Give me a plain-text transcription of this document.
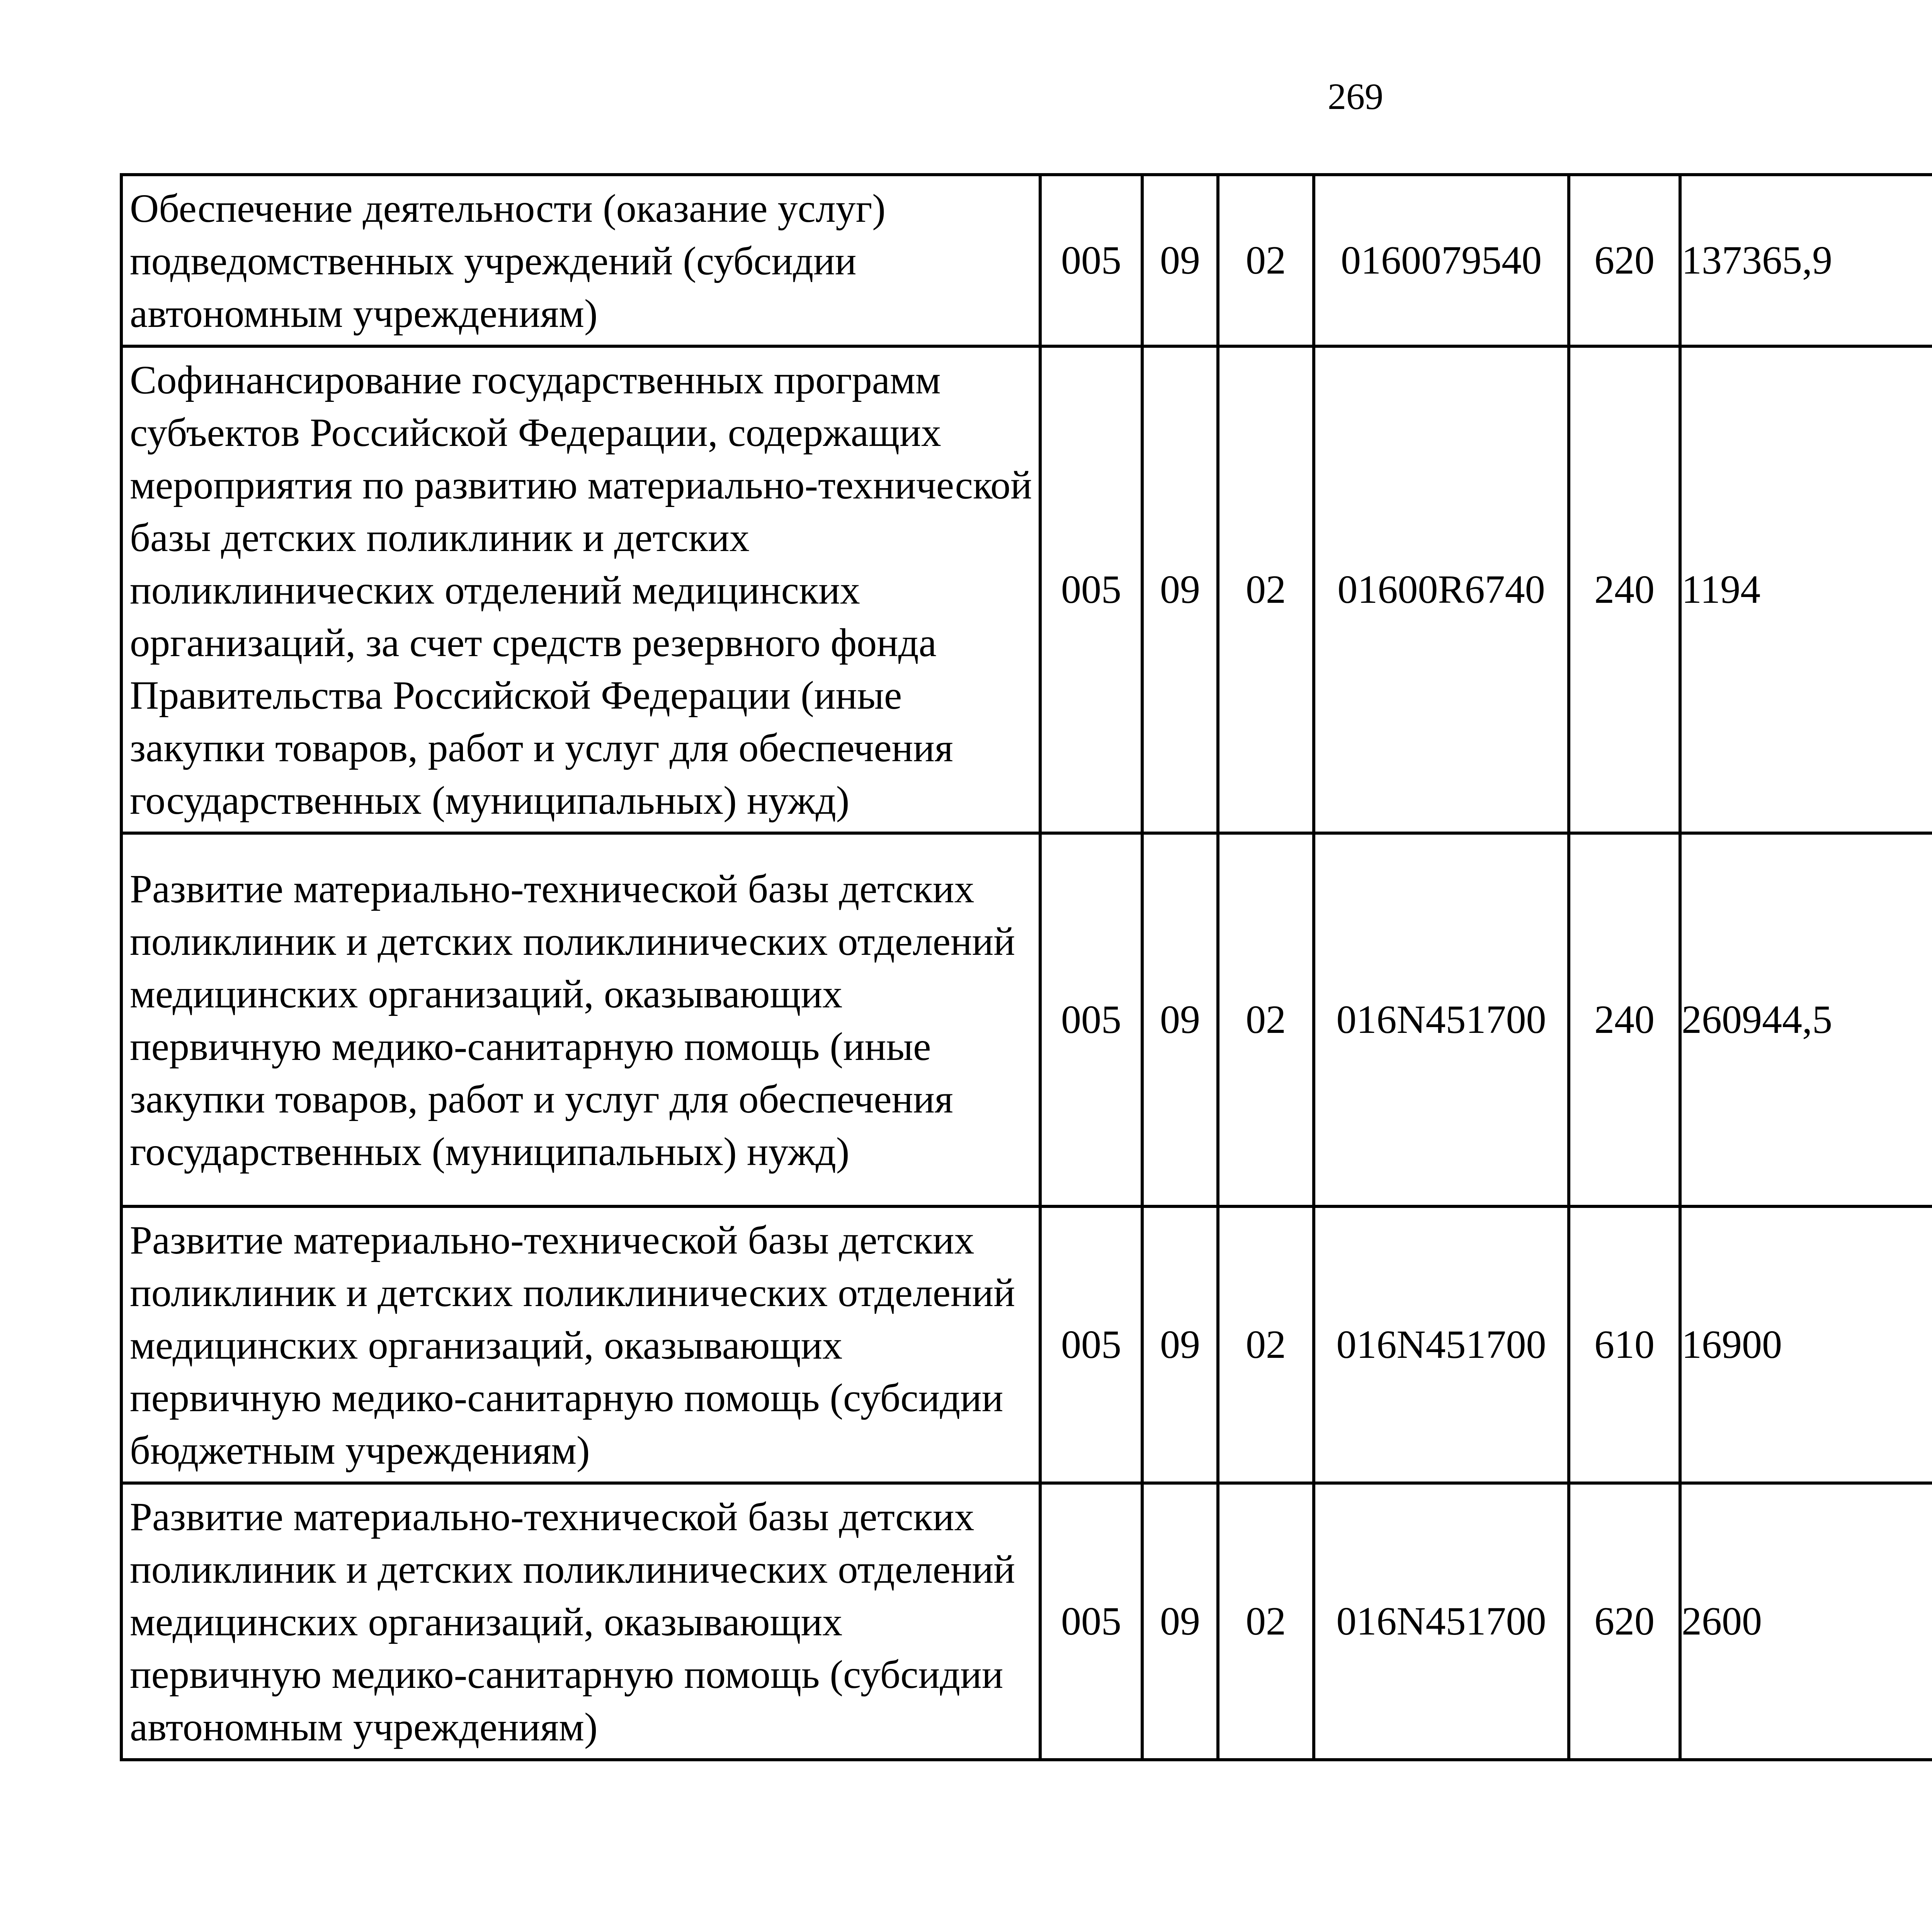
269
Обеспечение деятельности (оказание услуг) подведомственных учреждений (субсидии автономным учреждениям)	005	09	02	0160079540	620	137365,9		
Софинансирование государственных программ субъектов Российской Федерации, содержащих мероприятия по развитию материально-технической базы детских поликлиник и детских поликлинических отделений медицинских организаций, за счет средств резервного фонда Правительства Российской Федерации (иные закупки товаров, работ и услуг для обеспечения государственных (муниципальных) нужд)	005	09	02	01600R6740	240	1194		
Развитие материально-технической базы детских поликлиник и детских поликлинических отделений медицинских организаций, оказывающих первичную медико-санитарную помощь (иные закупки товаров, работ и услуг для обеспечения государственных (муниципальных) нужд)	005	09	02	016N451700	240	260944,5		
Развитие материально-технической базы детских поликлиник и детских поликлинических отделений медицинских организаций, оказывающих первичную медико-санитарную помощь (субсидии бюджетным учреждениям)	005	09	02	016N451700	610	16900		
Развитие материально-технической базы детских поликлиник и детских поликлинических отделений медицинских организаций, оказывающих первичную медико-санитарную помощь (субсидии автономным учреждениям)	005	09	02	016N451700	620	2600		
